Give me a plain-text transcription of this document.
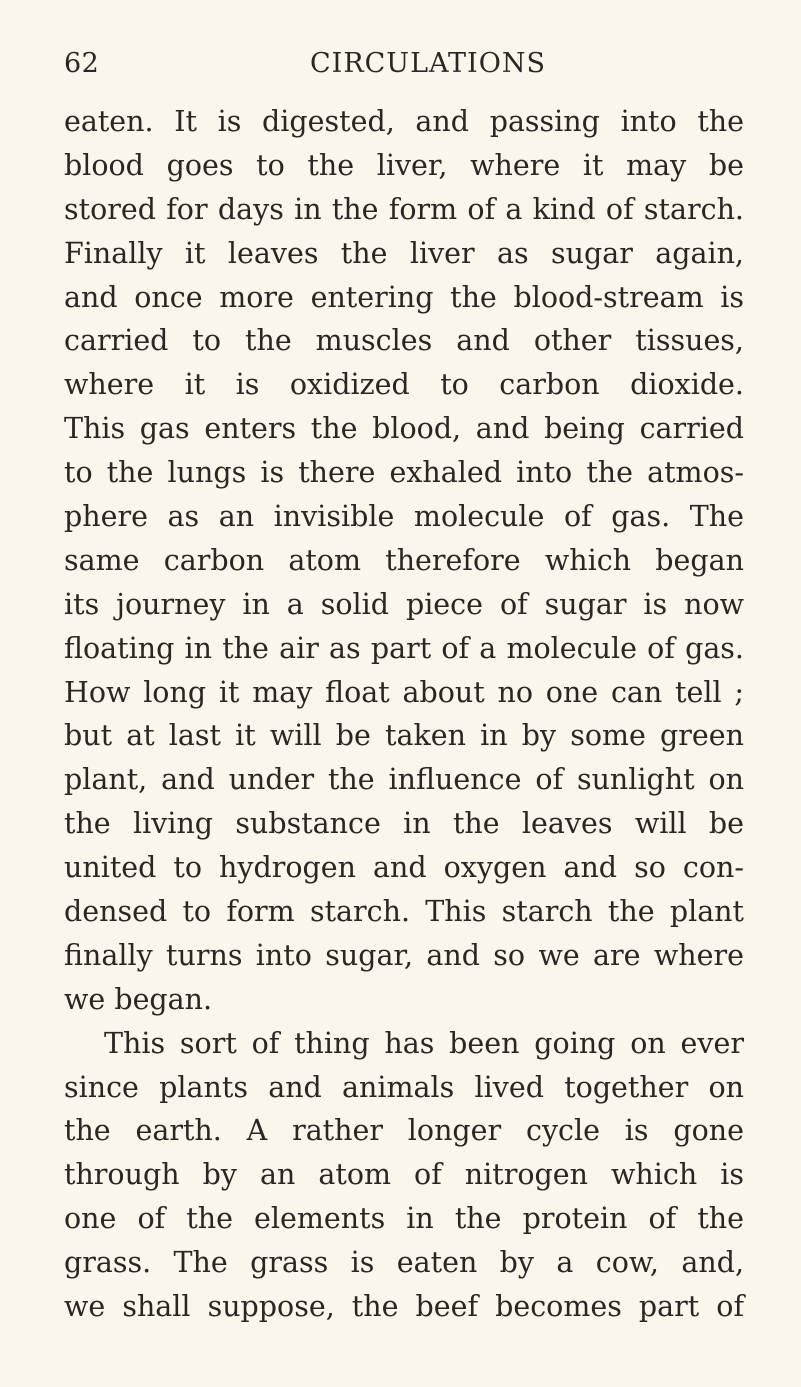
62	CIRCULATIONS
eaten. It is digested, and passing into the
blood goes to the liver, where it may be
stored for days in the form of a kind of starch.
Finally it leaves the liver as sugar again,
and once more entering the blood-stream is
carried to the muscles and other tissues,
where it is oxidized to carbon dioxide.
This gas enters the blood, and being carried
to the lungs is there exhaled into the atmos-
phere as an invisible molecule of gas. The
same carbon atom therefore which began
its journey in a solid piece of sugar is now
floating in the air as part of a molecule of gas.
How long it may float about no one can tell ;
but at last it will be taken in by some green
plant, and under the influence of sunlight on
the living substance in the leaves will be
united to hydrogen and oxygen and so con-
densed to form starch. This starch the plant
finally turns into sugar, and so we are where
we began.
This sort of thing has been going on ever
since plants and animals lived together on
the earth. A rather longer cycle is gone
through by an atom of nitrogen which is
one of the elements in the protein of the
grass. The grass is eaten by a cow, and,
we shall suppose, the beef becomes part of
